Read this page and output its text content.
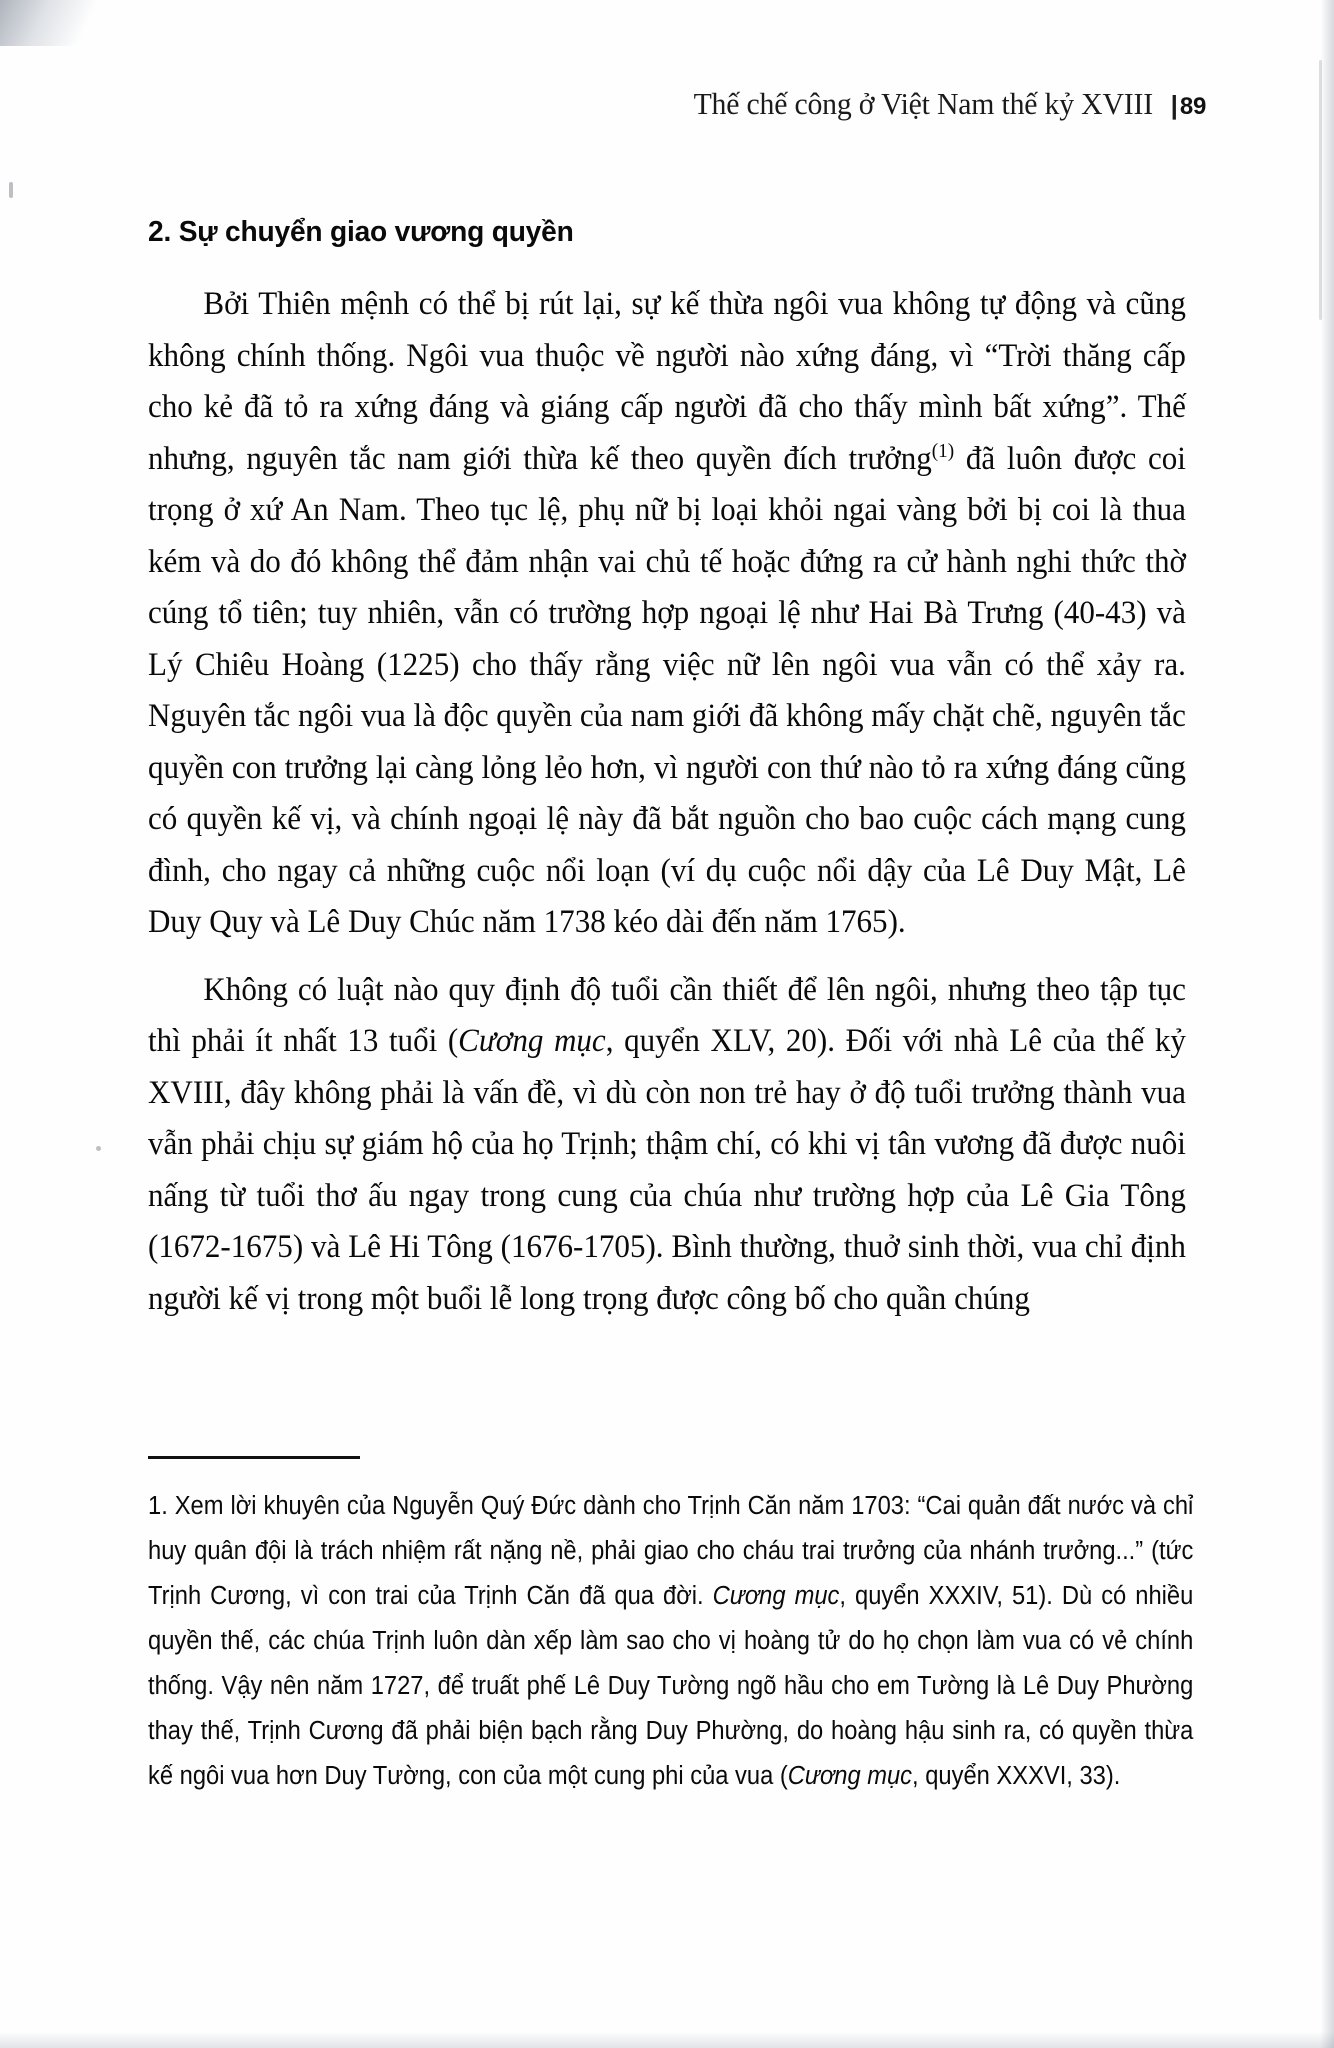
Thế chế công ở Việt Nam thế kỷ XVIII | 89
2. Sự chuyển giao vương quyền

Bởi Thiên mệnh có thể bị rút lại, sự kế thừa ngôi vua không tự động và cũng không chính thống. Ngôi vua thuộc về người nào xứng đáng, vì “Trời thăng cấp cho kẻ đã tỏ ra xứng đáng và giáng cấp người đã cho thấy mình bất xứng”. Thế nhưng, nguyên tắc nam giới thừa kế theo quyền đích trưởng$^{(1)}$ đã luôn được coi trọng ở xứ An Nam. Theo tục lệ, phụ nữ bị loại khỏi ngai vàng bởi bị coi là thua kém và do đó không thể đảm nhận vai chủ tế hoặc đứng ra cử hành nghi thức thờ cúng tổ tiên; tuy nhiên, vẫn có trường hợp ngoại lệ như Hai Bà Trưng (40-43) và Lý Chiêu Hoàng (1225) cho thấy rằng việc nữ lên ngôi vua vẫn có thể xảy ra. Nguyên tắc ngôi vua là độc quyền của nam giới đã không mấy chặt chẽ, nguyên tắc quyền con trưởng lại càng lỏng lẻo hơn, vì người con thứ nào tỏ ra xứng đáng cũng có quyền kế vị, và chính ngoại lệ này đã bắt nguồn cho bao cuộc cách mạng cung đình, cho ngay cả những cuộc nổi loạn (ví dụ cuộc nổi dậy của Lê Duy Mật, Lê Duy Quy và Lê Duy Chúc năm 1738 kéo dài đến năm 1765).

Không có luật nào quy định độ tuổi cần thiết để lên ngôi, nhưng theo tập tục thì phải ít nhất 13 tuổi (Cương mục, quyển XLV, 20). Đối với nhà Lê của thế kỷ XVIII, đây không phải là vấn đề, vì dù còn non trẻ hay ở độ tuổi trưởng thành vua vẫn phải chịu sự giám hộ của họ Trịnh; thậm chí, có khi vị tân vương đã được nuôi nấng từ tuổi thơ ấu ngay trong cung của chúa như trường hợp của Lê Gia Tông (1672-1675) và Lê Hi Tông (1676-1705). Bình thường, thuở sinh thời, vua chỉ định người kế vị trong một buổi lễ long trọng được công bố cho quần chúng

1. Xem lời khuyên của Nguyễn Quý Đức dành cho Trịnh Căn năm 1703: “Cai quản đất nước và chỉ huy quân đội là trách nhiệm rất nặng nề, phải giao cho cháu trai trưởng của nhánh trưởng...” (tức Trịnh Cương, vì con trai của Trịnh Căn đã qua đời. Cương mục, quyển XXXIV, 51). Dù có nhiều quyền thế, các chúa Trịnh luôn dàn xếp làm sao cho vị hoàng tử do họ chọn làm vua có vẻ chính thống. Vậy nên năm 1727, để truất phế Lê Duy Tường ngõ hầu cho em Tường là Lê Duy Phường thay thế, Trịnh Cương đã phải biện bạch rằng Duy Phường, do hoàng hậu sinh ra, có quyền thừa kế ngôi vua hơn Duy Tường, con của một cung phi của vua (Cương mục, quyển XXXVI, 33).
